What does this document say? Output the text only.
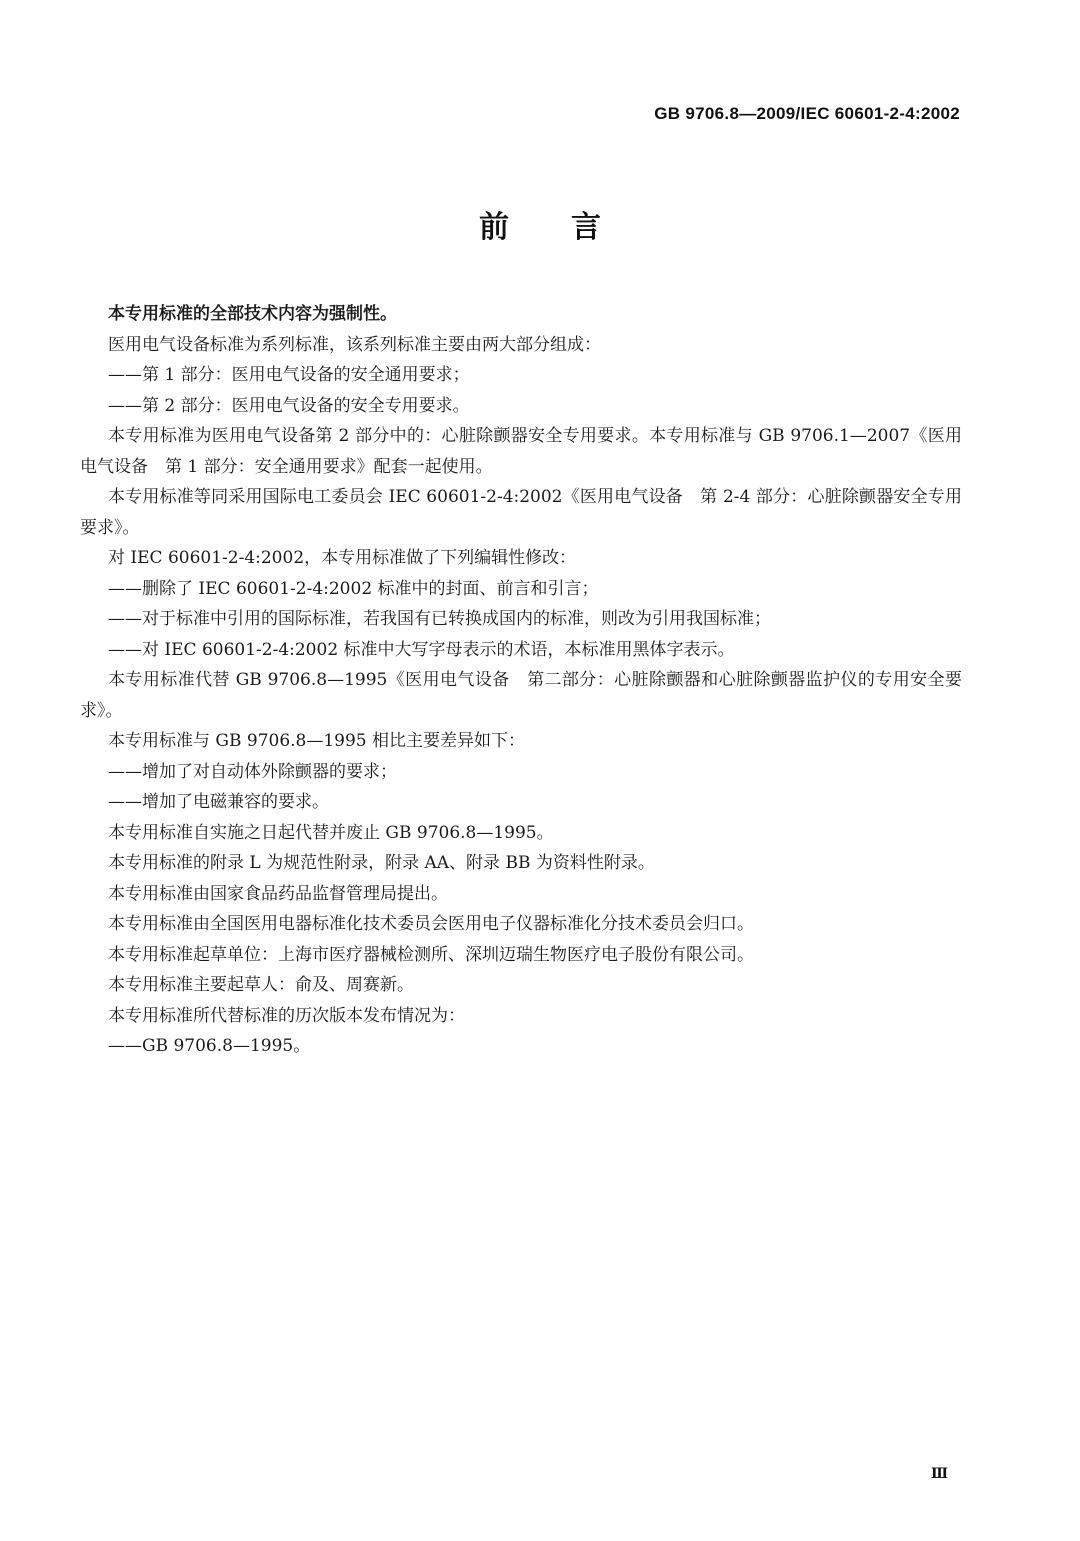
GB 9706.8—2009/IEC 60601-2-4:2002
前言

本专用标准的全部技术内容为强制性。

医用电气设备标准为系列标准，该系列标准主要由两大部分组成：

——第 1 部分：医用电气设备的安全通用要求；

——第 2 部分：医用电气设备的安全专用要求。

本专用标准为医用电气设备第 2 部分中的：心脏除颤器安全专用要求。本专用标准与 GB 9706.1—2007《医用电气设备　第 1 部分：安全通用要求》配套一起使用。

本专用标准等同采用国际电工委员会 IEC 60601-2-4:2002《医用电气设备　第 2-4 部分：心脏除颤器安全专用要求》。

对 IEC 60601-2-4:2002，本专用标准做了下列编辑性修改：

——删除了 IEC 60601-2-4:2002 标准中的封面、前言和引言；

——对于标准中引用的国际标准，若我国有已转换成国内的标准，则改为引用我国标准；

——对 IEC 60601-2-4:2002 标准中大写字母表示的术语，本标准用黑体字表示。

本专用标准代替 GB 9706.8—1995《医用电气设备　第二部分：心脏除颤器和心脏除颤器监护仪的专用安全要求》。

本专用标准与 GB 9706.8—1995 相比主要差异如下：

——增加了对自动体外除颤器的要求；

——增加了电磁兼容的要求。

本专用标准自实施之日起代替并废止 GB 9706.8—1995。

本专用标准的附录 L 为规范性附录，附录 AA、附录 BB 为资料性附录。

本专用标准由国家食品药品监督管理局提出。

本专用标准由全国医用电器标准化技术委员会医用电子仪器标准化分技术委员会归口。

本专用标准起草单位：上海市医疗器械检测所、深圳迈瑞生物医疗电子股份有限公司。

本专用标准主要起草人：俞及、周赛新。

本专用标准所代替标准的历次版本发布情况为：

——GB 9706.8—1995。

Ⅲ
